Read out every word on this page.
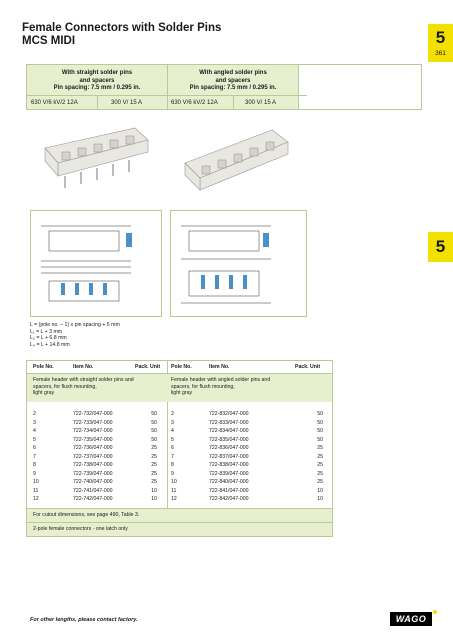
Female Connectors with Solder Pins
MCS MIDI	5
361
5
With straight solder pins
and spacers
Pin spacing: 7.5 mm / 0.295 in.
With angled solder pins
and spacers
Pin spacing: 7.5 mm / 0.295 in.
630 V/6 kV/2 12A	300 V/ 15 A	630 V/6 kV/2 12A	300 V/ 15 A
L = (pole no. – 1) x pin spacing + 5 mm
L₁ = L + 3 mm
L₂ = L + 6.8 mm
L₃ = L + 14.8 mm
Pole No.	Item No.	Pack. Unit Pole No.	Item No.	Pack. Unit
Female header with straight solder pins and
spacers, for flush mounting,
light gray
Female header with angled solder pins and
spacers, for flush mounting,
light gray
2	722-732/047-000	50	2	722-832/047-000	50
3	722-733/047-000	50	3	722-833/047-000	50
4	722-734/047-000	50	4	722-834/047-000	50
5	722-735/047-000	50	5	722-835/047-000	50
6	722-736/047-000	25	6	722-836/047-000	25
7	722-737/047-000	25	7	722-837/047-000	25
8	722-738/047-000	25	8	722-838/047-000	25
9	722-739/047-000	25	9	722-839/047-000	25
10	722-740/047-000	25	10	722-840/047-000	25
11	722-741/047-000	10	11	722-841/047-000	10
12	722-742/047-000	10	12	722-842/047-000	10
For cutout dimensions, see page 490, Table 3.
2-pole female connectors - one latch only
For other lengths, please contact factory.	WAGO
